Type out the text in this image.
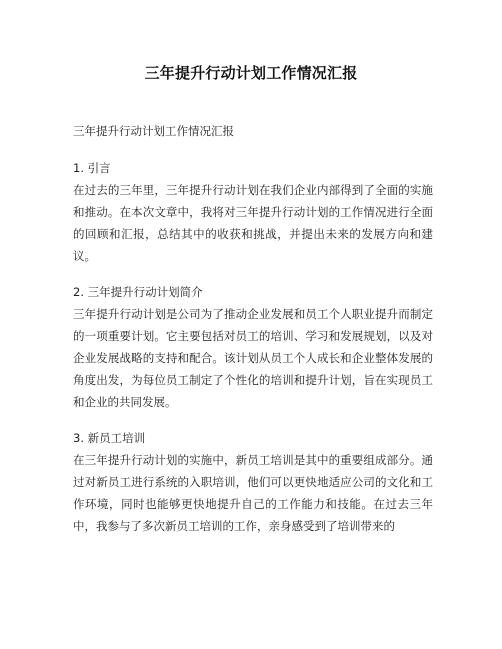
三年提升行动计划工作情况汇报
三年提升行动计划工作情况汇报
1. 引言
在过去的三年里，三年提升行动计划在我们企业内部得到了全面的实施和推动。在本次文章中，我将对三年提升行动计划的工作情况进行全面的回顾和汇报，总结其中的收获和挑战，并提出未来的发展方向和建议。
2. 三年提升行动计划简介
三年提升行动计划是公司为了推动企业发展和员工个人职业提升而制定的一项重要计划。它主要包括对员工的培训、学习和发展规划，以及对企业发展战略的支持和配合。该计划从员工个人成长和企业整体发展的角度出发，为每位员工制定了个性化的培训和提升计划，旨在实现员工和企业的共同发展。
3. 新员工培训
在三年提升行动计划的实施中，新员工培训是其中的重要组成部分。通过对新员工进行系统的入职培训，他们可以更快地适应公司的文化和工作环境，同时也能够更快地提升自己的工作能力和技能。在过去三年中，我参与了多次新员工培训的工作，亲身感受到了培训带来的
